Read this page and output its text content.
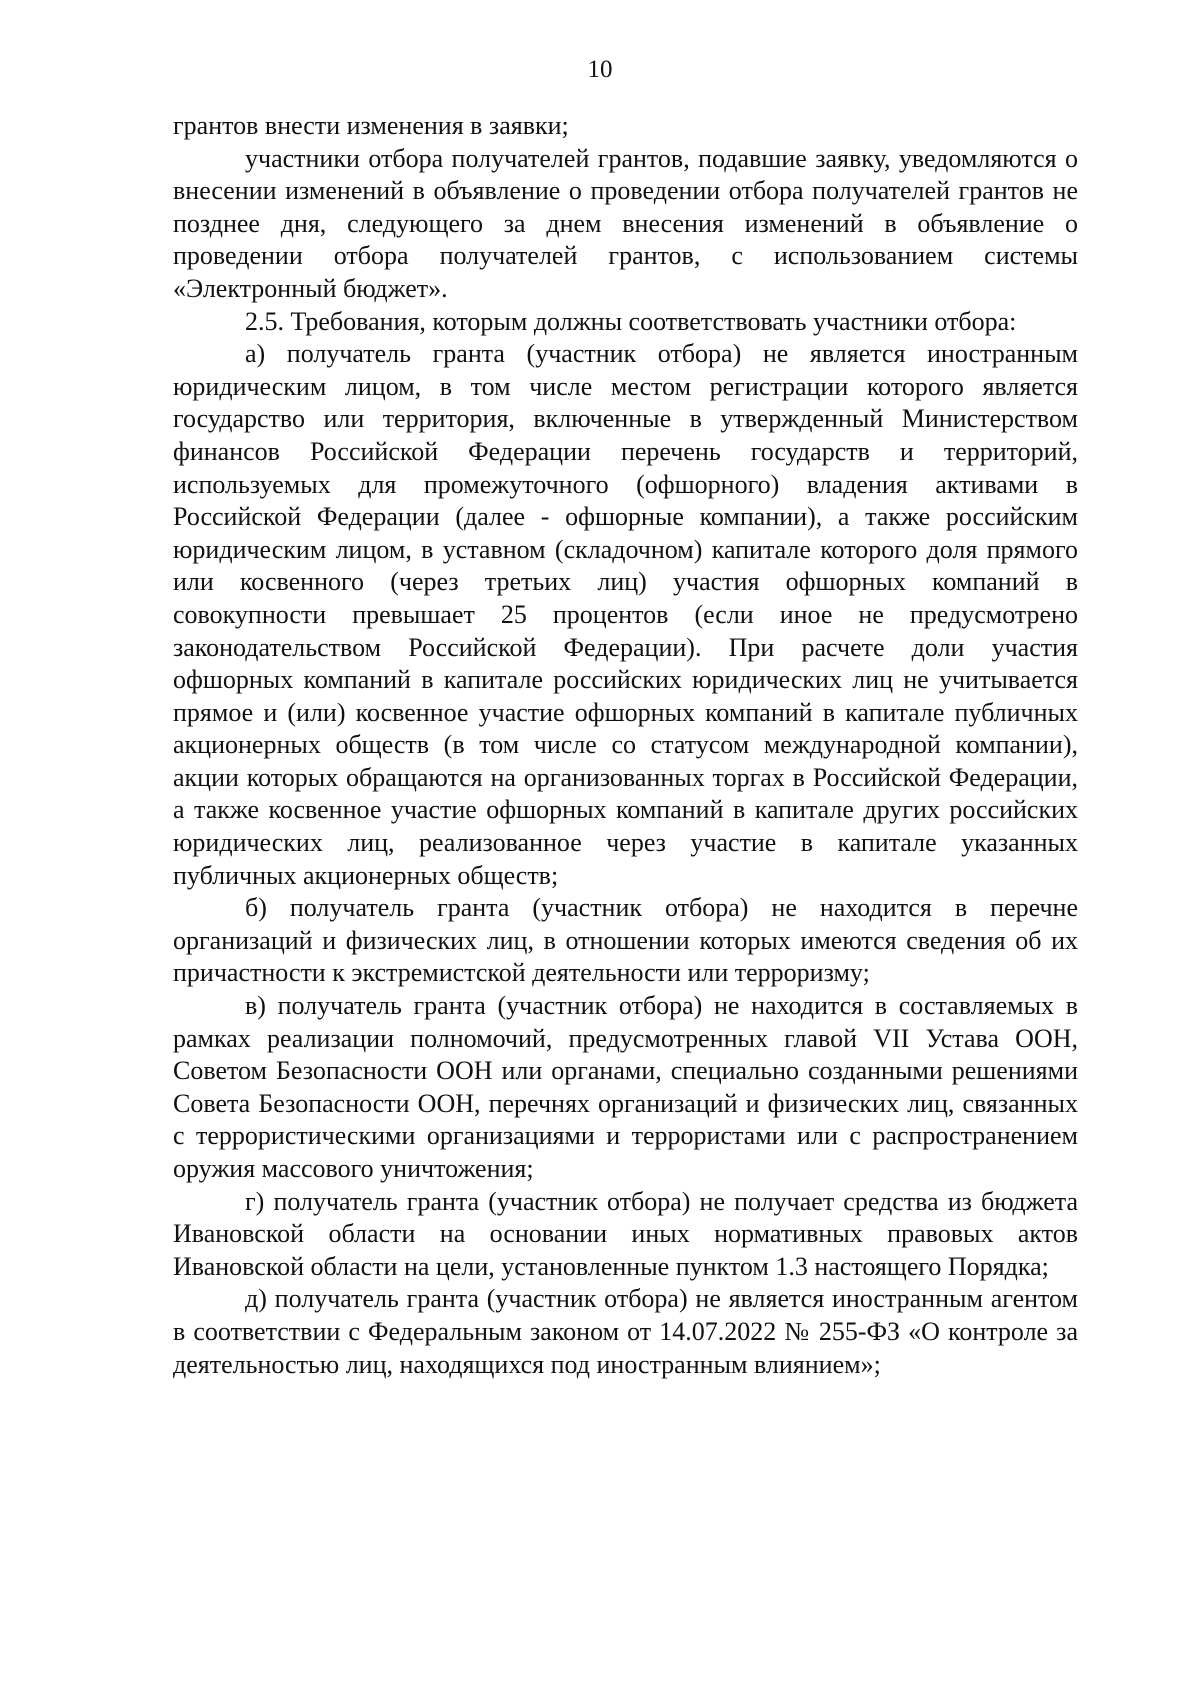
10

грантов внести изменения в заявки;

участники отбора получателей грантов, подавшие заявку, уведомляются о внесении изменений в объявление о проведении отбора получателей грантов не позднее дня, следующего за днем внесения изменений в объявление о проведении отбора получателей грантов, с использованием системы «Электронный бюджет».

2.5. Требования, которым должны соответствовать участники отбора:

а) получатель гранта (участник отбора) не является иностранным юридическим лицом, в том числе местом регистрации которого является государство или территория, включенные в утвержденный Министерством финансов Российской Федерации перечень государств и территорий, используемых для промежуточного (офшорного) владения активами в Российской Федерации (далее - офшорные компании), а также российским юридическим лицом, в уставном (складочном) капитале которого доля прямого или косвенного (через третьих лиц) участия офшорных компаний в совокупности превышает 25 процентов (если иное не предусмотрено законодательством Российской Федерации). При расчете доли участия офшорных компаний в капитале российских юридических лиц не учитывается прямое и (или) косвенное участие офшорных компаний в капитале публичных акционерных обществ (в том числе со статусом международной компании), акции которых обращаются на организованных торгах в Российской Федерации, а также косвенное участие офшорных компаний в капитале других российских юридических лиц, реализованное через участие в капитале указанных публичных акционерных обществ;

б) получатель гранта (участник отбора) не находится в перечне организаций и физических лиц, в отношении которых имеются сведения об их причастности к экстремистской деятельности или терроризму;

в) получатель гранта (участник отбора) не находится в составляемых в рамках реализации полномочий, предусмотренных главой VII Устава ООН, Советом Безопасности ООН или органами, специально созданными решениями Совета Безопасности ООН, перечнях организаций и физических лиц, связанных с террористическими организациями и террористами или с распространением оружия массового уничтожения;

г) получатель гранта (участник отбора) не получает средства из бюджета Ивановской области на основании иных нормативных правовых актов Ивановской области на цели, установленные пунктом 1.3 настоящего Порядка;

д) получатель гранта (участник отбора) не является иностранным агентом в соответствии с Федеральным законом от 14.07.2022 № 255-ФЗ «О контроле за деятельностью лиц, находящихся под иностранным влиянием»;
